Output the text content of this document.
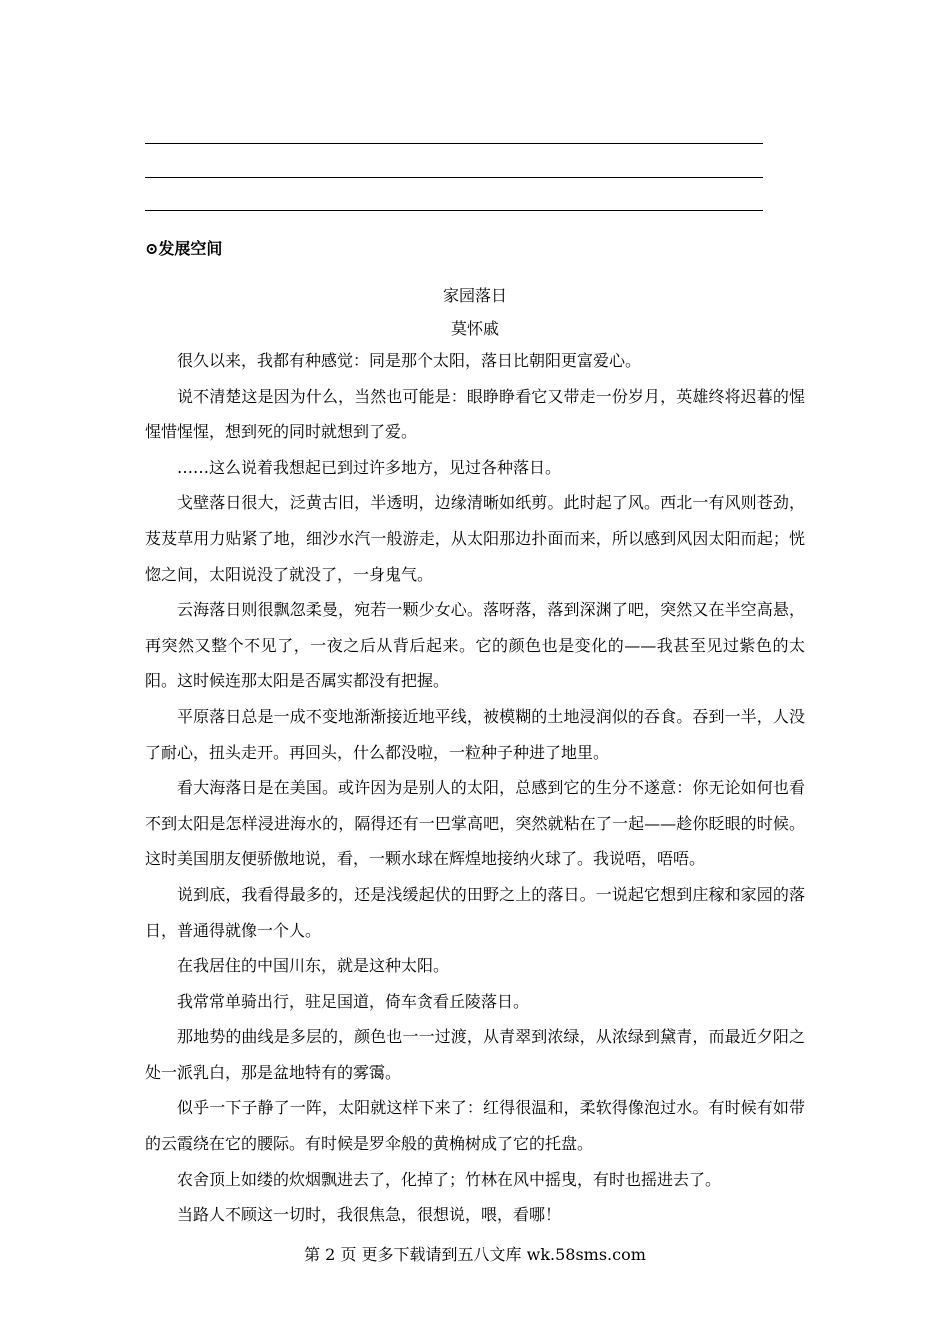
⊙发展空间
家园落日
莫怀戚

很久以来，我都有种感觉：同是那个太阳，落日比朝阳更富爱心。

说不清楚这是因为什么，当然也可能是：眼睁睁看它又带走一份岁月，英雄终将迟暮的惺惺惜惺惺，想到死的同时就想到了爱。

……这么说着我想起已到过许多地方，见过各种落日。

戈壁落日很大，泛黄古旧，半透明，边缘清晰如纸剪。此时起了风。西北一有风则苍劲，芨芨草用力贴紧了地，细沙水汽一般游走，从太阳那边扑面而来，所以感到风因太阳而起；恍惚之间，太阳说没了就没了，一身鬼气。

云海落日则很飘忽柔曼，宛若一颗少女心。落呀落，落到深渊了吧，突然又在半空高悬，再突然又整个不见了，一夜之后从背后起来。它的颜色也是变化的——我甚至见过紫色的太阳。这时候连那太阳是否属实都没有把握。

平原落日总是一成不变地渐渐接近地平线，被模糊的土地浸润似的吞食。吞到一半，人没了耐心，扭头走开。再回头，什么都没啦，一粒种子种进了地里。

看大海落日是在美国。或许因为是别人的太阳，总感到它的生分不遂意：你无论如何也看不到太阳是怎样浸进海水的，隔得还有一巴掌高吧，突然就粘在了一起——趁你眨眼的时候。这时美国朋友便骄傲地说，看，一颗水球在辉煌地接纳火球了。我说唔，唔唔。

说到底，我看得最多的，还是浅缓起伏的田野之上的落日。一说起它想到庄稼和家园的落日，普通得就像一个人。

在我居住的中国川东，就是这种太阳。

我常常单骑出行，驻足国道，倚车贪看丘陵落日。

那地势的曲线是多层的，颜色也一一过渡，从青翠到浓绿，从浓绿到黛青，而最近夕阳之处一派乳白，那是盆地特有的雾霭。

似乎一下子静了一阵，太阳就这样下来了：红得很温和，柔软得像泡过水。有时候有如带的云霞绕在它的腰际。有时候是罗伞般的黄桷树成了它的托盘。

农舍顶上如缕的炊烟飘进去了，化掉了；竹林在风中摇曳，有时也摇进去了。

当路人不顾这一切时，我很焦急，很想说，喂，看哪！

第 2 页 更多下载请到五八文库 wk.58sms.com
